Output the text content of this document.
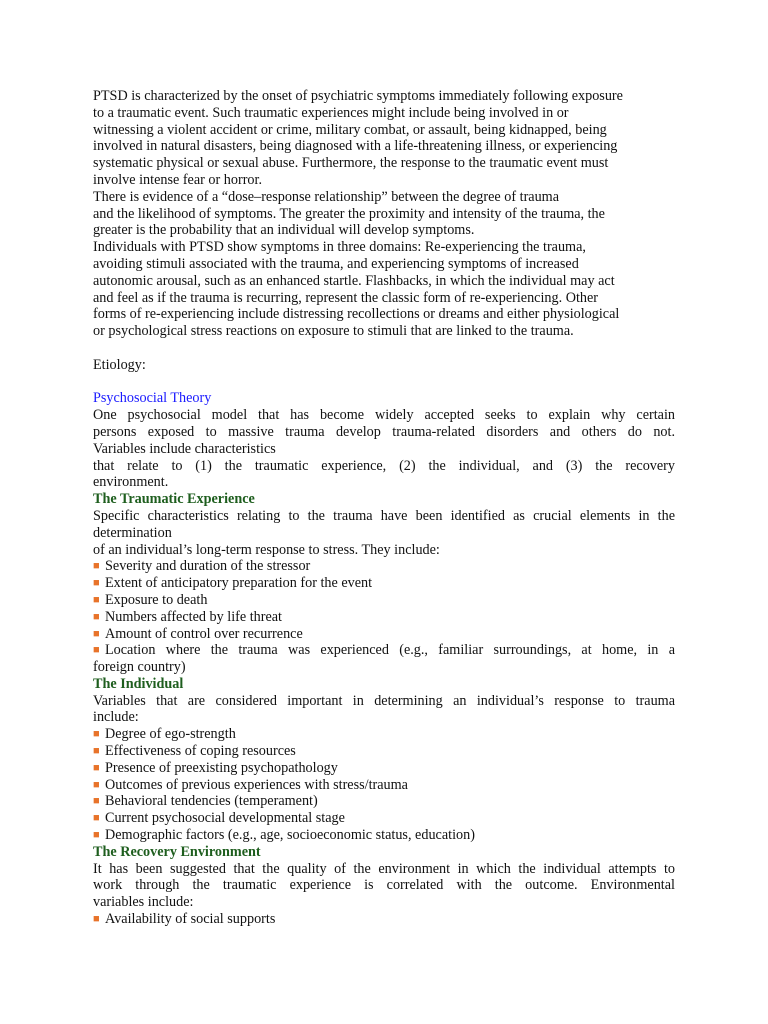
PTSD is characterized by the onset of psychiatric symptoms immediately following exposure
to a traumatic event. Such traumatic experiences might include being involved in or
witnessing a violent accident or crime, military combat, or assault, being kidnapped, being
involved in natural disasters, being diagnosed with a life-threatening illness, or experiencing
systematic physical or sexual abuse. Furthermore, the response to the traumatic event must
involve intense fear or horror.
There is evidence of a “dose–response relationship” between the degree of trauma
and the likelihood of symptoms. The greater the proximity and intensity of the trauma, the
greater is the probability that an individual will develop symptoms.
Individuals with PTSD show symptoms in three domains: Re-experiencing the trauma,
avoiding stimuli associated with the trauma, and experiencing symptoms of increased
autonomic arousal, such as an enhanced startle. Flashbacks, in which the individual may act
and feel as if the trauma is recurring, represent the classic form of re-experiencing. Other
forms of re-experiencing include distressing recollections or dreams and either physiological
or psychological stress reactions on exposure to stimuli that are linked to the trauma.
Etiology:
Psychosocial Theory
One psychosocial model that has become widely accepted seeks to explain why certain
persons exposed to massive trauma develop trauma-related disorders and others do not.
Variables include characteristics
that relate to (1) the traumatic experience, (2) the individual, and (3) the recovery
environment.
The Traumatic Experience
Specific characteristics relating to the trauma have been identified as crucial elements in the
determination
of an individual’s long-term response to stress. They include:
■ Severity and duration of the stressor
■ Extent of anticipatory preparation for the event
■ Exposure to death
■ Numbers affected by life threat
■ Amount of control over recurrence
■ Location where the trauma was experienced (e.g., familiar surroundings, at home, in a
foreign country)
The Individual
Variables that are considered important in determining an individual’s response to trauma
include:
■ Degree of ego-strength
■ Effectiveness of coping resources
■ Presence of preexisting psychopathology
■ Outcomes of previous experiences with stress/trauma
■ Behavioral tendencies (temperament)
■ Current psychosocial developmental stage
■ Demographic factors (e.g., age, socioeconomic status, education)
The Recovery Environment
It has been suggested that the quality of the environment in which the individual attempts to
work through the traumatic experience is correlated with the outcome. Environmental
variables include:
■ Availability of social supports
